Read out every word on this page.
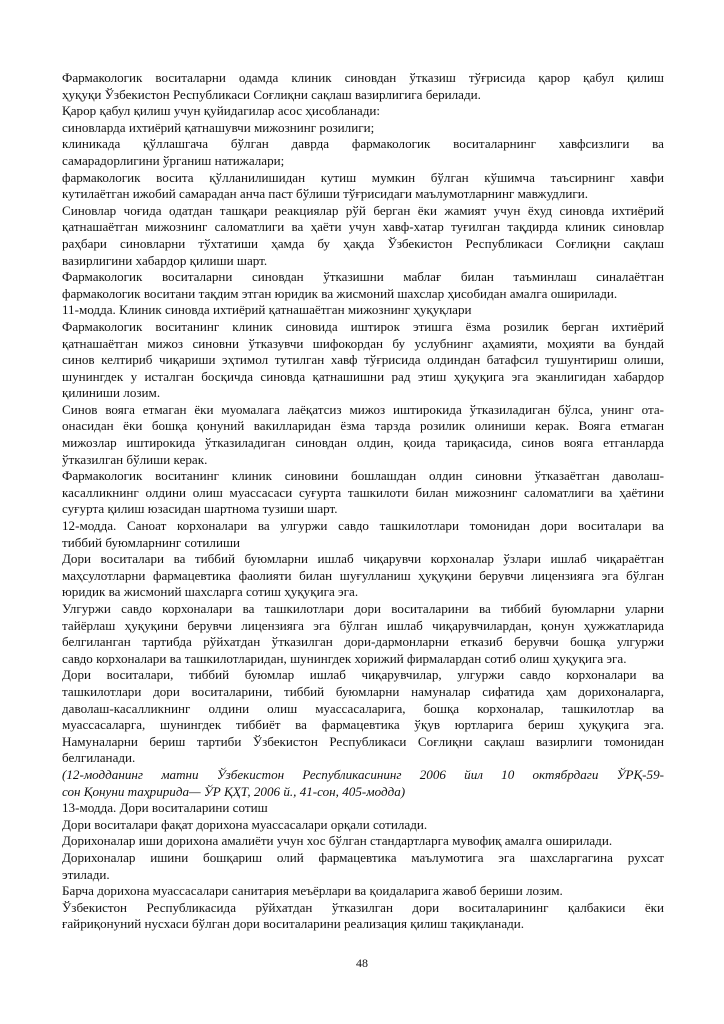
Фармакологик воситаларни одамда клиник синовдан ўтказиш тўғрисида қарор қабул қилиш
ҳуқуқи Ўзбекистон Республикаси Соғлиқни сақлаш вазирлигига берилади.
Қарор қабул қилиш учун қуйидагилар асос ҳисобланади:
синовларда ихтиёрий қатнашувчи мижознинг розилиги;
клиникада қўллашгача бўлган даврда фармакологик воситаларнинг хавфсизлиги ва
самарадорлигини ўрганиш натижалари;
фармакологик восита қўлланилишидан кутиш мумкин бўлган кўшимча таъсирнинг хавфи
кутилаётган ижобий самарадан анча паст бўлиши тўғрисидаги маълумотларнинг мавжудлиги.
Синовлар чоғида одатдан ташқари реакциялар рўй берган ёки жамият учун ёхуд синовда ихтиёрий
қатнашаётган мижознинг саломатлиги ва ҳаёти учун хавф-хатар туғилган тақдирда клиник синовлар
раҳбари синовларни тўхтатиши ҳамда бу ҳақда Ўзбекистон Республикаси Соғлиқни сақлаш
вазирлигини хабардор қилиши шарт.
Фармакологик воситаларни синовдан ўтказишни маблағ билан таъминлаш синалаётган
фармакологик воситани тақдим этган юридик ва жисмоний шахслар ҳисобидан амалга оширилади.
11-модда. Клиник синовда ихтиёрий қатнашаётган мижознинг ҳуқуқлари
Фармакологик воситанинг клиник синовида иштирок этишга ёзма розилик берган ихтиёрий
қатнашаётган мижоз синовни ўтказувчи шифокордан бу услубнинг аҳамияти, моҳияти ва бундай
синов келтириб чиқариши эҳтимол тутилган хавф тўғрисида олдиндан батафсил тушунтириш олиши,
шунингдек у исталган босқичда синовда қатнашишни рад этиш ҳуқуқига эга эканлигидан хабардор
қилиниши лозим.
Синов вояга етмаган ёки муомалага лаёқатсиз мижоз иштирокида ўтказиладиган бўлса, унинг ота-
онасидан ёки бошқа қонуний вакилларидан ёзма тарзда розилик олиниши керак. Вояга етмаган
мижозлар иштирокида ўтказиладиган синовдан олдин, қоида тариқасида, синов вояга етганларда
ўтказилган бўлиши керак.
Фармакологик воситанинг клиник синовини бошлашдан олдин синовни ўтказаётган даволаш-
касалликнинг олдини олиш муассасаси суғурта ташкилоти билан мижознинг саломатлиги ва ҳаётини
суғурта қилиш юзасидан шартнома тузиши шарт.
12-модда. Саноат корхоналари ва улгуржи савдо ташкилотлари томонидан дори воситалари ва
тиббий буюмларнинг сотилиши
Дори воситалари ва тиббий буюмларни ишлаб чиқарувчи корхоналар ўзлари ишлаб чиқараётган
маҳсулотларни фармацевтика фаолияти билан шуғулланиш ҳуқуқини берувчи лицензияга эга бўлган
юридик ва жисмоний шахсларга сотиш ҳуқуқига эга.
Улгуржи савдо корхоналари ва ташкилотлари дори воситаларини ва тиббий буюмларни уларни
тайёрлаш ҳуқуқини берувчи лицензияга эга бўлган ишлаб чиқарувчилардан, қонун ҳужжатларида
белгиланган тартибда рўйхатдан ўтказилган дори-дармонларни етказиб берувчи бошқа улгуржи
савдо корхоналари ва ташкилотларидан, шунингдек хорижий фирмалардан сотиб олиш ҳуқуқига эга.
Дори воситалари, тиббий буюмлар ишлаб чиқарувчилар, улгуржи савдо корхоналари ва
ташкилотлари дори воситаларини, тиббий буюмларни намуналар сифатида ҳам дорихоналарга,
даволаш-касалликнинг олдини олиш муассасаларига, бошқа корхоналар, ташкилотлар ва
муассасаларга, шунингдек тиббиёт ва фармацевтика ўқув юртларига бериш ҳуқуқига эга.
Намуналарни бериш тартиби Ўзбекистон Республикаси Соғлиқни сақлаш вазирлиги томонидан
белгиланади.
(12-модданинг матни Ўзбекистон Республикасининг 2006 йил 10 октябрдаги ЎРҚ-59-
сон Қонуни таҳририда— ЎР ҚҲТ, 2006 й., 41-сон, 405-модда)
13-модда. Дори воситаларини сотиш
Дори воситалари фақат дорихона муассасалари орқали сотилади.
Дорихоналар иши дорихона амалиёти учун хос бўлган стандартларга мувофиқ амалга оширилади.
Дорихоналар ишини бошқариш олий фармацевтика маълумотига эга шахсларгагина рухсат
этилади.
Барча дорихона муассасалари санитария меъёрлари ва қоидаларига жавоб бериши лозим.
Ўзбекистон Республикасида рўйхатдан ўтказилган дори воситаларининг қалбакиси ёки
ғайриқонуний нусхаси бўлган дори воситаларини реализация қилиш тақиқланади.
48
